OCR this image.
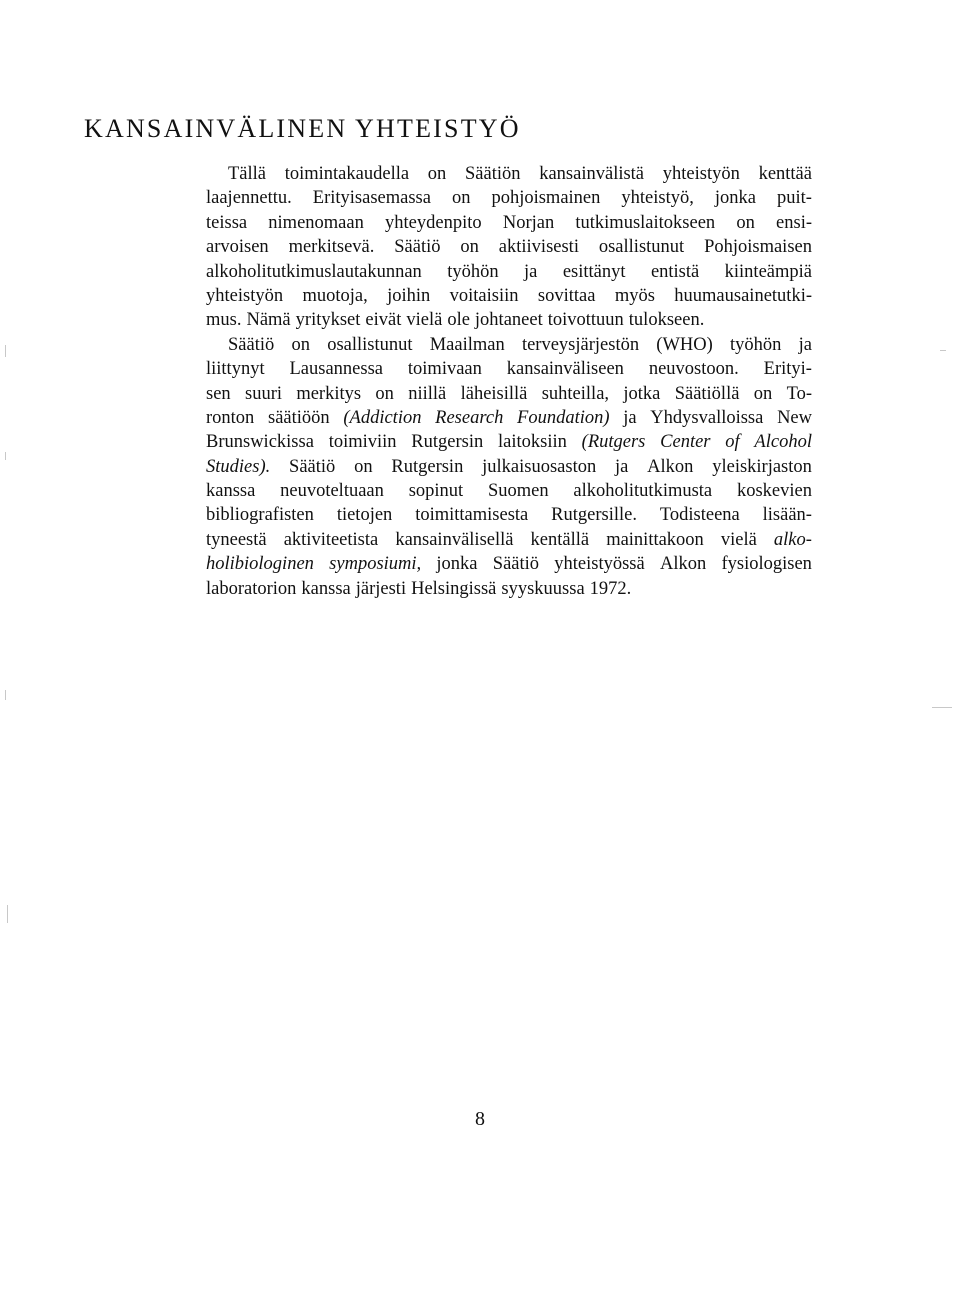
KANSAINVÄLINEN YHTEISTYÖ
Tällä toimintakaudella on Säätiön kansainvälistä yhteistyön kenttää
laajennettu. Erityisasemassa on pohjoismainen yhteistyö, jonka puit-
teissa nimenomaan yhteydenpito Norjan tutkimuslaitokseen on ensi-
arvoisen merkitsevä. Säätiö on aktiivisesti osallistunut Pohjoismaisen
alkoholitutkimuslautakunnan työhön ja esittänyt entistä kiinteämpiä
yhteistyön muotoja, joihin voitaisiin sovittaa myös huumausainetutki-
mus. Nämä yritykset eivät vielä ole johtaneet toivottuun tulokseen.
Säätiö on osallistunut Maailman terveysjärjestön (WHO) työhön ja
liittynyt Lausannessa toimivaan kansainväliseen neuvostoon. Erityi-
sen suuri merkitys on niillä läheisillä suhteilla, jotka Säätiöllä on To-
ronton säätiöön (Addiction Research Foundation) ja Yhdysvalloissa New
Brunswickissa toimiviin Rutgersin laitoksiin (Rutgers Center of Alcohol
Studies). Säätiö on Rutgersin julkaisuosaston ja Alkon yleiskirjaston
kanssa neuvoteltuaan sopinut Suomen alkoholitutkimusta koskevien
bibliografisten tietojen toimittamisesta Rutgersille. Todisteena lisään-
tyneestä aktiviteetista kansainvälisellä kentällä mainittakoon vielä alko-
holibiologinen symposiumi, jonka Säätiö yhteistyössä Alkon fysiologisen
laboratorion kanssa järjesti Helsingissä syyskuussa 1972.
8
